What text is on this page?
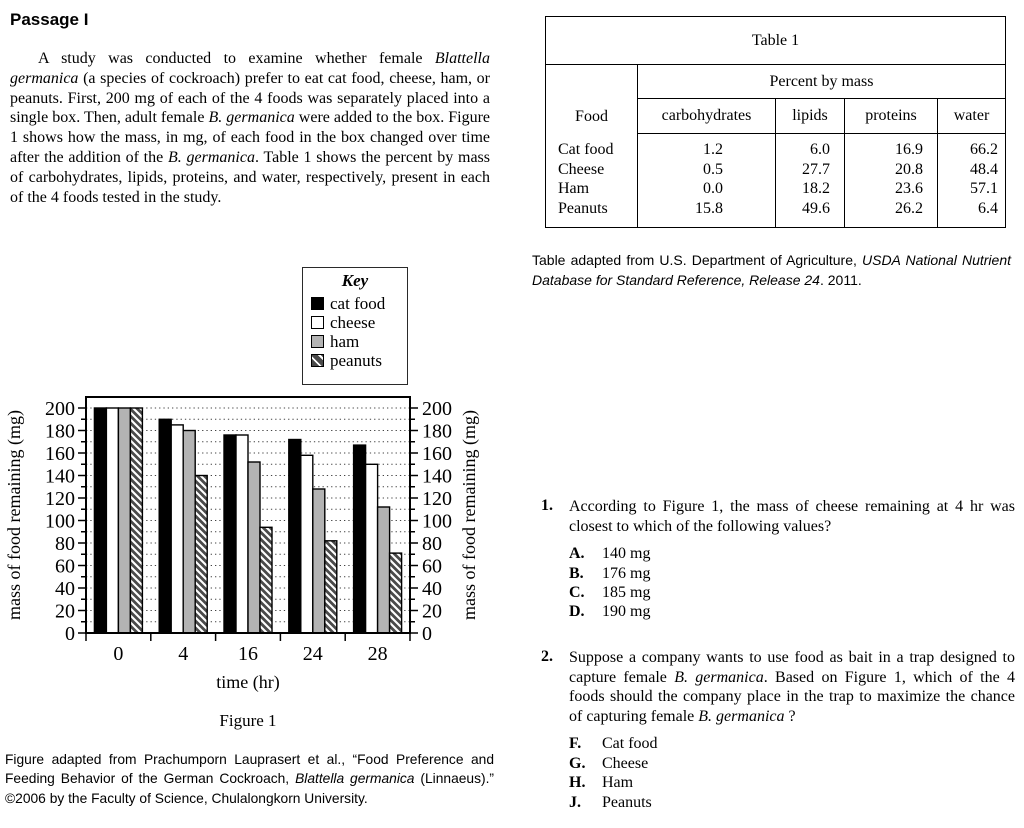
Passage I
A study was conducted to examine whether female Blattella germanica (a species of cockroach) prefer to eat cat food, cheese, ham, or peanuts. First, 200 mg of each of the 4 foods was separately placed into a single box. Then, adult female B. germanica were added to the box. Figure 1 shows how the mass, in mg, of each food in the box changed over time after the addition of the B. germanica. Table 1 shows the percent by mass of carbohydrates, lipids, proteins, and water, respectively, present in each of the 4 foods tested in the study.
Key
cat food
cheese
ham
peanuts
0	0
20	20
40	40
60	60
80	80
100	100
120	120
140	140
160	160
180	180
200	200
0	4 16 24 28
time (hr)
mass of food remaining (mg)	mass of food remaining (mg)
Figure 1
Figure adapted from Prachumporn Lauprasert et al., “Food Preference and Feeding Behavior of the German Cockroach, Blattella germanica (Linnaeus).” ©2006 by the Faculty of Science, Chulalongkorn University.
Table 1				
Food	Percent by mass			
	carbohydrates	lipids	proteins	water
Cat food	1.2	6.0	16.9	66.2
Cheese	0.5	27.7	20.8	48.4
Ham	0.0	18.2	23.6	57.1
Peanuts	15.8	49.6	26.2	6.4
Table adapted from U.S. Department of Agriculture, USDA National Nutrient Database for Standard Reference, Release 24. 2011.
1.	According to Figure 1, the mass of cheese remaining at 4 hr was closest to which of the following values?
A.	140 mg
B.	176 mg
C.	185 mg
D.	190 mg
2.	Suppose a company wants to use food as bait in a trap designed to capture female B. germanica. Based on Figure 1, which of the 4 foods should the company place in the trap to maximize the chance of capturing female B. germanica ?
F.	Cat food
G.	Cheese
H.	Ham
J.	Peanuts
